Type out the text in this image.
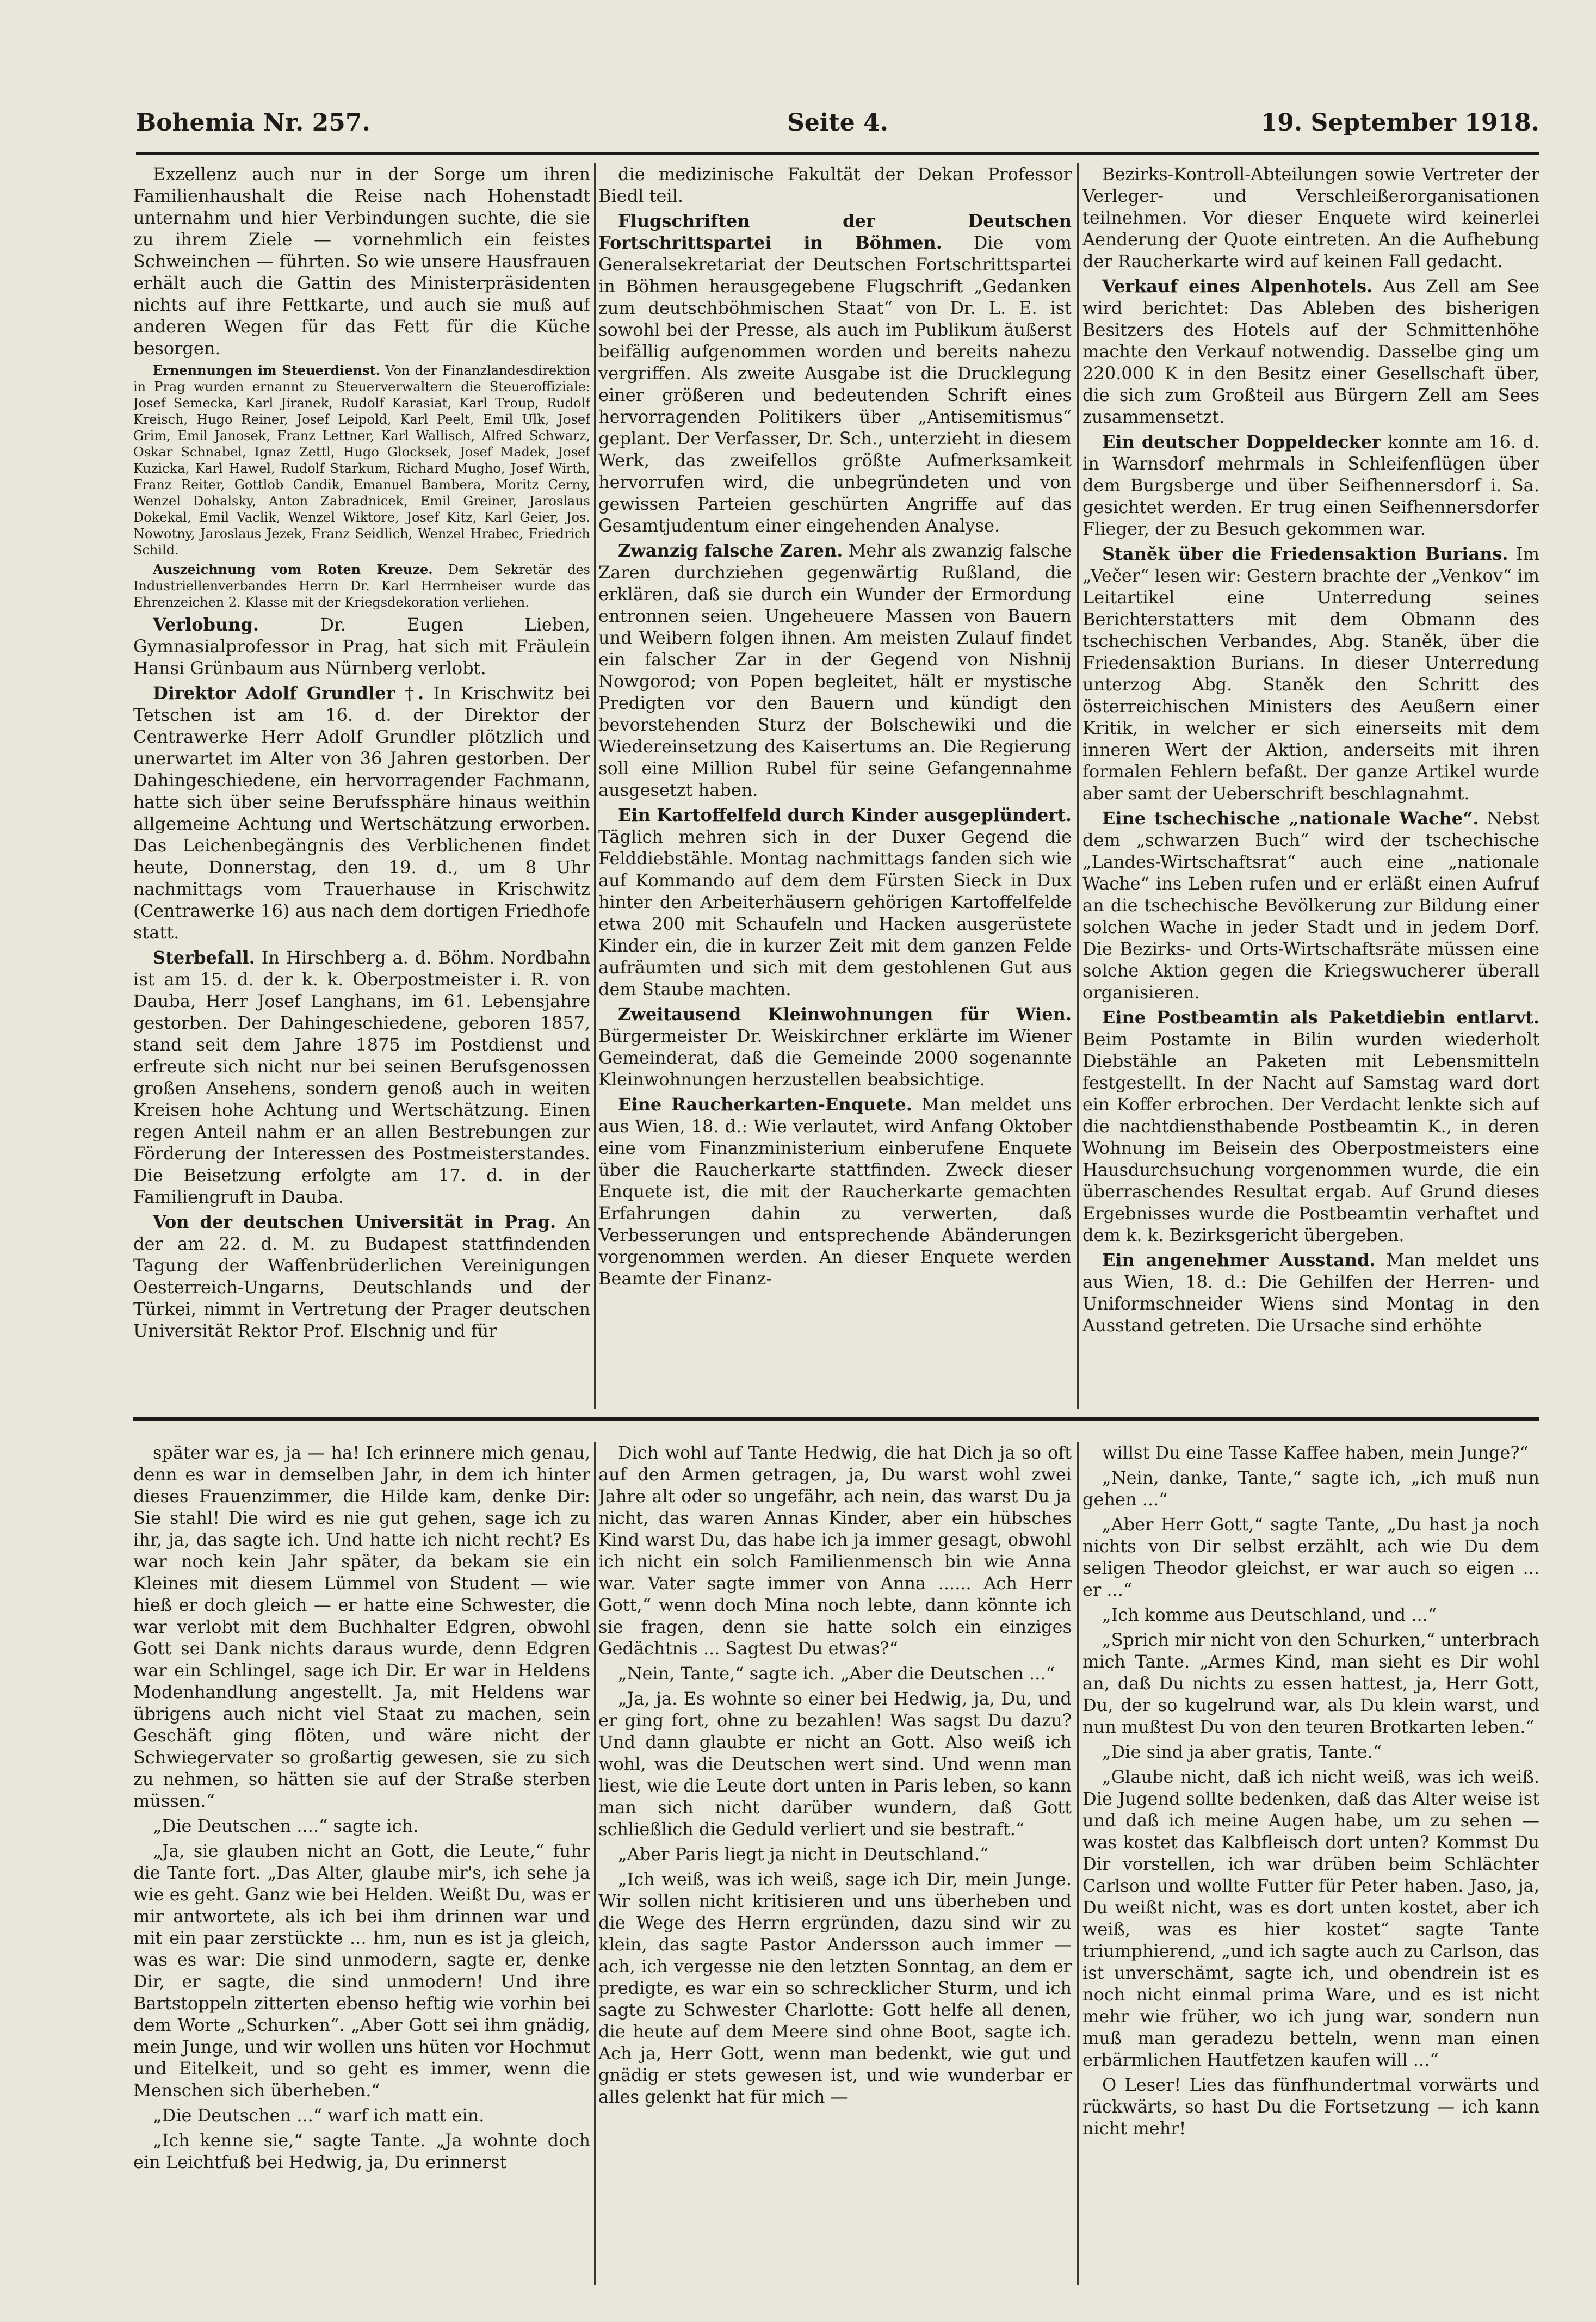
Bohemia Nr. 257.	Seite 4.	19. September 1918.

Exzellenz auch nur in der Sorge um ihren Familienhaushalt die Reise nach Hohenstadt unternahm und hier Verbindungen suchte, die sie zu ihrem Ziele — vornehmlich ein feistes Schweinchen — führten. So wie unsere Hausfrauen erhält auch die Gattin des Ministerpräsidenten nichts auf ihre Fettkarte, und auch sie muß auf anderen Wegen für das Fett für die Küche besorgen.

Ernennungen im Steuerdienst. Von der Finanzlandesdirektion in Prag wurden ernannt zu Steuerverwaltern die Steueroffiziale: Josef Semecka, Karl Jiranek, Rudolf Karasiat, Karl Troup, Rudolf Kreisch, Hugo Reiner, Josef Leipold, Karl Peelt, Emil Ulk, Josef Grim, Emil Janosek, Franz Lettner, Karl Wallisch, Alfred Schwarz, Oskar Schnabel, Ignaz Zettl, Hugo Glocksek, Josef Madek, Josef Kuzicka, Karl Hawel, Rudolf Starkum, Richard Mugho, Josef Wirth, Franz Reiter, Gottlob Candik, Emanuel Bambera, Moritz Cerny, Wenzel Dohalsky, Anton Zabradnicek, Emil Greiner, Jaroslaus Dokekal, Emil Vaclik, Wenzel Wiktore, Josef Kitz, Karl Geier, Jos. Nowotny, Jaroslaus Jezek, Franz Seidlich, Wenzel Hrabec, Friedrich Schild.

Auszeichnung vom Roten Kreuze. Dem Sekretär des Industriellenverbandes Herrn Dr. Karl Herrnheiser wurde das Ehrenzeichen 2. Klasse mit der Kriegsdekoration verliehen.

Verlobung.	Dr. Eugen Lieben, Gymnasialprofessor in Prag, hat sich mit Fräulein Hansi Grünbaum aus Nürnberg verlobt.

Direktor Adolf Grundler †. In Krischwitz bei Tetschen ist am 16. d. der Direktor der Centrawerke Herr Adolf Grundler plötzlich und unerwartet im Alter von 36 Jahren gestorben. Der Dahingeschiedene, ein hervorragender Fachmann, hatte sich über seine Berufssphäre hinaus weithin allgemeine Achtung und Wertschätzung erworben. Das Leichenbegängnis des Verblichenen findet heute, Donnerstag, den 19. d., um 8 Uhr nachmittags vom Trauerhause in Krischwitz (Centrawerke 16) aus nach dem dortigen Friedhofe statt.

Sterbefall. In Hirschberg a. d. Böhm. Nordbahn ist am 15. d. der k. k. Oberpostmeister i. R. von Dauba, Herr Josef Langhans, im 61. Lebensjahre gestorben. Der Dahingeschiedene, geboren 1857, stand seit dem Jahre 1875 im Postdienst und erfreute sich nicht nur bei seinen Berufsgenossen großen Ansehens, sondern genoß auch in weiten Kreisen hohe Achtung und Wertschätzung. Einen regen Anteil nahm er an allen Bestrebungen zur Förderung der Interessen des Postmeisterstandes. Die Beisetzung erfolgte am 17. d. in der Familiengruft in Dauba.

Von der deutschen Universität in Prag. An der am 22. d. M. zu Budapest stattfindenden Tagung der Waffenbrüderlichen Vereinigungen Oesterreich-Ungarns, Deutschlands und der Türkei, nimmt in Vertretung der Prager deutschen Universität Rektor Prof. Elschnig und für

die medizinische Fakultät der Dekan Professor Biedl teil.

Flugschriften der Deutschen Fortschrittspartei in Böhmen. Die vom Generalsekretariat der Deutschen Fortschrittspartei in Böhmen herausgegebene Flugschrift „Gedanken zum deutschböhmischen Staat“ von Dr. L. E. ist sowohl bei der Presse, als auch im Publikum äußerst beifällig aufgenommen worden und bereits nahezu vergriffen. Als zweite Ausgabe ist die Drucklegung einer größeren und bedeutenden Schrift eines hervorragenden Politikers über „Antisemitismus“ geplant. Der Verfasser, Dr. Sch., unterzieht in diesem Werk, das zweifellos größte Aufmerksamkeit hervorrufen wird, die unbegründeten und von gewissen Parteien geschürten Angriffe auf das Gesamtjudentum einer eingehenden Analyse.

Zwanzig falsche Zaren. Mehr als zwanzig falsche Zaren durchziehen gegenwärtig Rußland, die erklären, daß sie durch ein Wunder der Ermordung entronnen seien. Ungeheuere Massen von Bauern und Weibern folgen ihnen. Am meisten Zulauf findet ein falscher Zar in der Gegend von Nishnij Nowgorod; von Popen begleitet, hält er mystische Predigten vor den Bauern und kündigt den bevorstehenden Sturz der Bolschewiki und die Wiedereinsetzung des Kaisertums an. Die Regierung soll eine Million Rubel für seine Gefangennahme ausgesetzt haben.

Ein Kartoffelfeld durch Kinder ausgeplündert. Täglich mehren sich in der Duxer Gegend die Felddiebstähle. Montag nachmittags fanden sich wie auf Kommando auf dem dem Fürsten Sieck in Dux hinter den Arbeiterhäusern gehörigen Kartoffelfelde etwa 200 mit Schaufeln und Hacken ausgerüstete Kinder ein, die in kurzer Zeit mit dem ganzen Felde aufräumten und sich mit dem gestohlenen Gut aus dem Staube machten.

Zweitausend Kleinwohnungen für Wien. Bürgermeister Dr. Weiskirchner erklärte im Wiener Gemeinderat, daß die Gemeinde 2000 sogenannte Kleinwohnungen herzustellen beabsichtige.

Eine Raucherkarten-Enquete. Man meldet uns aus Wien, 18. d.: Wie verlautet, wird Anfang Oktober eine vom Finanzministerium einberufene Enquete über die Raucherkarte stattfinden. Zweck dieser Enquete ist, die mit der Raucherkarte gemachten Erfahrungen dahin zu verwerten, daß Verbesserungen und entsprechende Abänderungen vorgenommen werden. An dieser Enquete werden Beamte der Finanz-

Bezirks-Kontroll-Abteilungen sowie Vertreter der Verleger- und Verschleißerorganisationen teilnehmen. Vor dieser Enquete wird keinerlei Aenderung der Quote eintreten. An die Aufhebung der Raucherkarte wird auf keinen Fall gedacht.

Verkauf eines Alpenhotels. Aus Zell am See wird berichtet: Das Ableben des bisherigen Besitzers des Hotels auf der Schmittenhöhe machte den Verkauf notwendig. Dasselbe ging um 220.000 K in den Besitz einer Gesellschaft über, die sich zum Großteil aus Bürgern Zell am Sees zusammensetzt.

Ein deutscher Doppeldecker konnte am 16. d. in Warnsdorf mehrmals in Schleifenflügen über dem Burgsberge und über Seifhennersdorf i. Sa. gesichtet werden. Er trug einen Seifhennersdorfer Flieger, der zu Besuch gekommen war.

Staněk über die Friedensaktion Burians. Im „Večer“ lesen wir: Gestern brachte der „Venkov“ im Leitartikel eine Unterredung seines Berichterstatters mit dem Obmann des tschechischen Verbandes, Abg. Staněk, über die Friedensaktion Burians. In dieser Unterredung unterzog Abg. Staněk den Schritt des österreichischen Ministers des Aeußern einer Kritik, in welcher er sich einerseits mit dem inneren Wert der Aktion, anderseits mit ihren formalen Fehlern befaßt. Der ganze Artikel wurde aber samt der Ueberschrift beschlagnahmt.

Eine tschechische „nationale Wache“. Nebst dem „schwarzen Buch“ wird der tschechische „Landes-Wirtschaftsrat“ auch eine „nationale Wache“ ins Leben rufen und er erläßt einen Aufruf an die tschechische Bevölkerung zur Bildung einer solchen Wache in jeder Stadt und in jedem Dorf. Die Bezirks- und Orts-Wirtschaftsräte müssen eine solche Aktion gegen die Kriegswucherer überall organisieren.

Eine Postbeamtin als Paketdiebin entlarvt. Beim Postamte in Bilin wurden wiederholt Diebstähle an Paketen mit Lebensmitteln festgestellt. In der Nacht auf Samstag ward dort ein Koffer erbrochen. Der Verdacht lenkte sich auf die nachtdiensthabende Postbeamtin K., in deren Wohnung im Beisein des Oberpostmeisters eine Hausdurchsuchung vorgenommen wurde, die ein überraschendes Resultat ergab. Auf Grund dieses Ergebnisses wurde die Postbeamtin verhaftet und dem k. k. Bezirksgericht übergeben.

Ein angenehmer Ausstand. Man meldet uns aus Wien, 18. d.: Die Gehilfen der Herren- und Uniformschneider Wiens sind Montag in den Ausstand getreten. Die Ursache sind erhöhte

später war es, ja — ha! Ich erinnere mich genau, denn es war in demselben Jahr, in dem ich hinter dieses Frauenzimmer, die Hilde kam, denke Dir: Sie stahl! Die wird es nie gut gehen, sage ich zu ihr, ja, das sagte ich. Und hatte ich nicht recht? Es war noch kein Jahr später, da bekam sie ein Kleines mit diesem Lümmel von Student — wie hieß er doch gleich — er hatte eine Schwester, die war verlobt mit dem Buchhalter Edgren, obwohl Gott sei Dank nichts daraus wurde, denn Edgren war ein Schlingel, sage ich Dir. Er war in Heldens Modenhandlung angestellt. Ja, mit Heldens war übrigens auch nicht viel Staat zu machen, sein Geschäft ging flöten, und wäre nicht der Schwiegervater so großartig gewesen, sie zu sich zu nehmen, so hätten sie auf der Straße sterben müssen.“

„Die Deutschen ....“ sagte ich.

„Ja, sie glauben nicht an Gott, die Leute,“ fuhr die Tante fort. „Das Alter, glaube mir's, ich sehe ja wie es geht. Ganz wie bei Helden. Weißt Du, was er mir antwortete, als ich bei ihm drinnen war und mit ein paar zerstückte ... hm, nun es ist ja gleich, was es war: Die sind unmodern, sagte er, denke Dir, er sagte, die sind unmodern! Und ihre Bartstoppeln zitterten ebenso heftig wie vorhin bei dem Worte „Schurken“. „Aber Gott sei ihm gnädig, mein Junge, und wir wollen uns hüten vor Hochmut und Eitelkeit, und so geht es immer, wenn die Menschen sich überheben.“

„Die Deutschen ...“ warf ich matt ein.

„Ich kenne sie,“ sagte Tante. „Ja wohnte doch ein Leichtfuß bei Hedwig, ja, Du erinnerst

Dich wohl auf Tante Hedwig, die hat Dich ja so oft auf den Armen getragen, ja, Du warst wohl zwei Jahre alt oder so ungefähr, ach nein, das warst Du ja nicht, das waren Annas Kinder, aber ein hübsches Kind warst Du, das habe ich ja immer gesagt, obwohl ich nicht ein solch Familienmensch bin wie Anna war. Vater sagte immer von Anna ...... Ach Herr Gott,“ wenn doch Mina noch lebte, dann könnte ich sie fragen, denn sie hatte solch ein einziges Gedächtnis ... Sagtest Du etwas?“

„Nein, Tante,“ sagte ich. „Aber die Deutschen ...“

„Ja, ja. Es wohnte so einer bei Hedwig, ja, Du, und er ging fort, ohne zu bezahlen! Was sagst Du dazu? Und dann glaubte er nicht an Gott. Also weiß ich wohl, was die Deutschen wert sind. Und wenn man liest, wie die Leute dort unten in Paris leben, so kann man sich nicht darüber wundern, daß Gott schließlich die Geduld verliert und sie bestraft.“

„Aber Paris liegt ja nicht in Deutschland.“

„Ich weiß, was ich weiß, sage ich Dir, mein Junge. Wir sollen nicht kritisieren und uns überheben und die Wege des Herrn ergründen, dazu sind wir zu klein, das sagte Pastor Andersson auch immer — ach, ich vergesse nie den letzten Sonntag, an dem er predigte, es war ein so schrecklicher Sturm, und ich sagte zu Schwester Charlotte: Gott helfe all denen, die heute auf dem Meere sind ohne Boot, sagte ich. Ach ja, Herr Gott, wenn man bedenkt, wie gut und gnädig er stets gewesen ist, und wie wunderbar er alles gelenkt hat für mich —

willst Du eine Tasse Kaffee haben, mein Junge?“

„Nein, danke, Tante,“ sagte ich, „ich muß nun gehen ...“

„Aber Herr Gott,“ sagte Tante, „Du hast ja noch nichts von Dir selbst erzählt, ach wie Du dem seligen Theodor gleichst, er war auch so eigen ... er ...“

„Ich komme aus Deutschland, und ...“

„Sprich mir nicht von den Schurken,“ unterbrach mich Tante. „Armes Kind, man sieht es Dir wohl an, daß Du nichts zu essen hattest, ja, Herr Gott, Du, der so kugelrund war, als Du klein warst, und nun mußtest Du von den teuren Brotkarten leben.“

„Die sind ja aber gratis, Tante.“

„Glaube nicht, daß ich nicht weiß, was ich weiß. Die Jugend sollte bedenken, daß das Alter weise ist und daß ich meine Augen habe, um zu sehen — was kostet das Kalbfleisch dort unten? Kommst Du Dir vorstellen, ich war drüben beim Schlächter Carlson und wollte Futter für Peter haben. Jaso, ja, Du weißt nicht, was es dort unten kostet, aber ich weiß, was es hier kostet“ sagte Tante triumphierend, „und ich sagte auch zu Carlson, das ist unverschämt, sagte ich, und obendrein ist es noch nicht einmal prima Ware, und es ist nicht mehr wie früher, wo ich jung war, sondern nun muß man geradezu betteln, wenn man einen erbärmlichen Hautfetzen kaufen will ...“

O Leser! Lies das fünfhundertmal vorwärts und rückwärts, so hast Du die Fortsetzung — ich kann nicht mehr!
